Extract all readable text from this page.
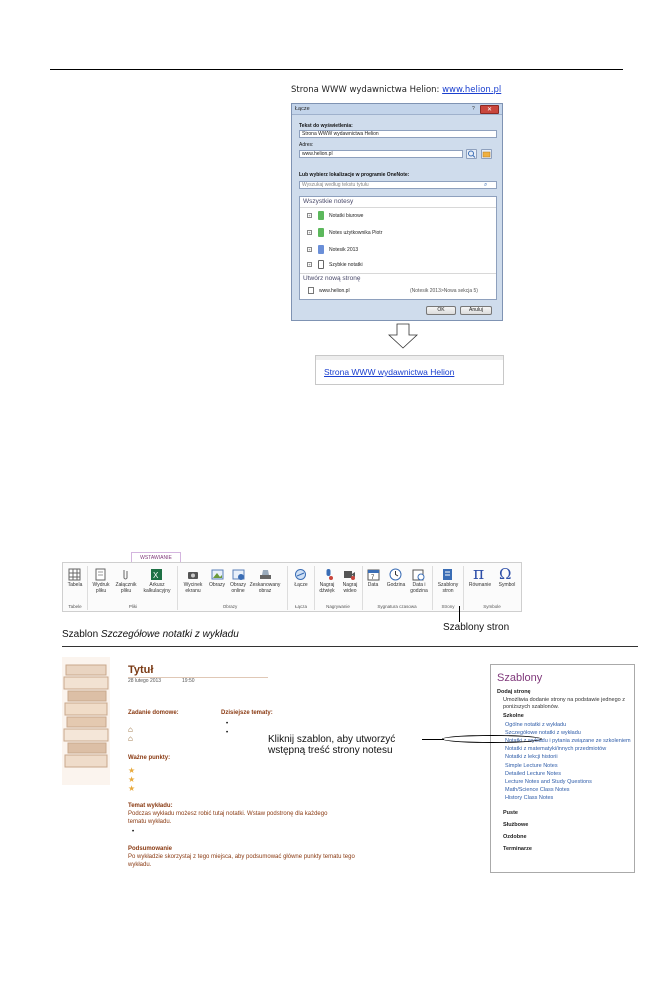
Strona WWW wydawnictwa Helion: www.helion.pl
Łącze	?	✕
Tekst do wyświetlenia:
Strona WWW wydawnictwa Helion
Adres:
www.helion.pl
Lub wybierz lokalizacje w programie OneNote:
Wyszukaj według tekstu tytułu	⌕
Wszystkie notesy
+	Notatki biurowe
+	Notes użytkownika Piotr
+	Notesik 2013
+	Szybkie notatki
Utwórz nową stronę
www.helion.pl	(Notesik 2013>Nowa sekcja 5)
OK	Anuluj
Strona WWW wydawnictwa Helion
WSTAWIANIE
Tabela
Tabele
Wydruk pliku
Załącznik pliku
X
Arkusz kalkulacyjny
Pliki
Wycinek ekranu
Obrazy Obrazy online
Zeskanowany obraz
Obrazy
Łącze
Łącza
Nagraj dźwięk
Nagraj wideo
Nagrywanie
7
Data	Godzina	Data i godzina
Sygnatura czasowa
Szablony stron
Strony
π
Równanie
Ω
Symbol
Symbole
Szablony stron
Szablon Szczegółowe notatki z wykładu
Tytuł
28 lutego 2013	19:50
Zadanie domowe:
⌂
⌂
Dzisiejsze tematy:
•
•
Ważne punkty:
★
★
★
Temat wykładu:
Podczas wykładu możesz robić tutaj notatki. Wstaw podstronę dla każdego tematu wykładu.
•
Podsumowanie
Po wykładzie skorzystaj z tego miejsca, aby podsumować główne punkty tematu tego wykładu.
Kliknij szablon, aby utworzyć
wstępną treść strony notesu
Szablony
Dodaj stronę
Umożliwia dodanie strony na podstawie jednego z poniższych szablonów.
Szkolne
Ogólne notatki z wykładu
Szczegółowe notatki z wykładu
Notatki z wykładu i pytania związane ze szkoleniem
Notatki z matematyki/innych przedmiotów
Notatki z lekcji historii
Simple Lecture Notes
Detailed Lecture Notes
Lecture Notes and Study Questions
Math/Science Class Notes
History Class Notes
Puste
Służbowe
Ozdobne
Terminarze
